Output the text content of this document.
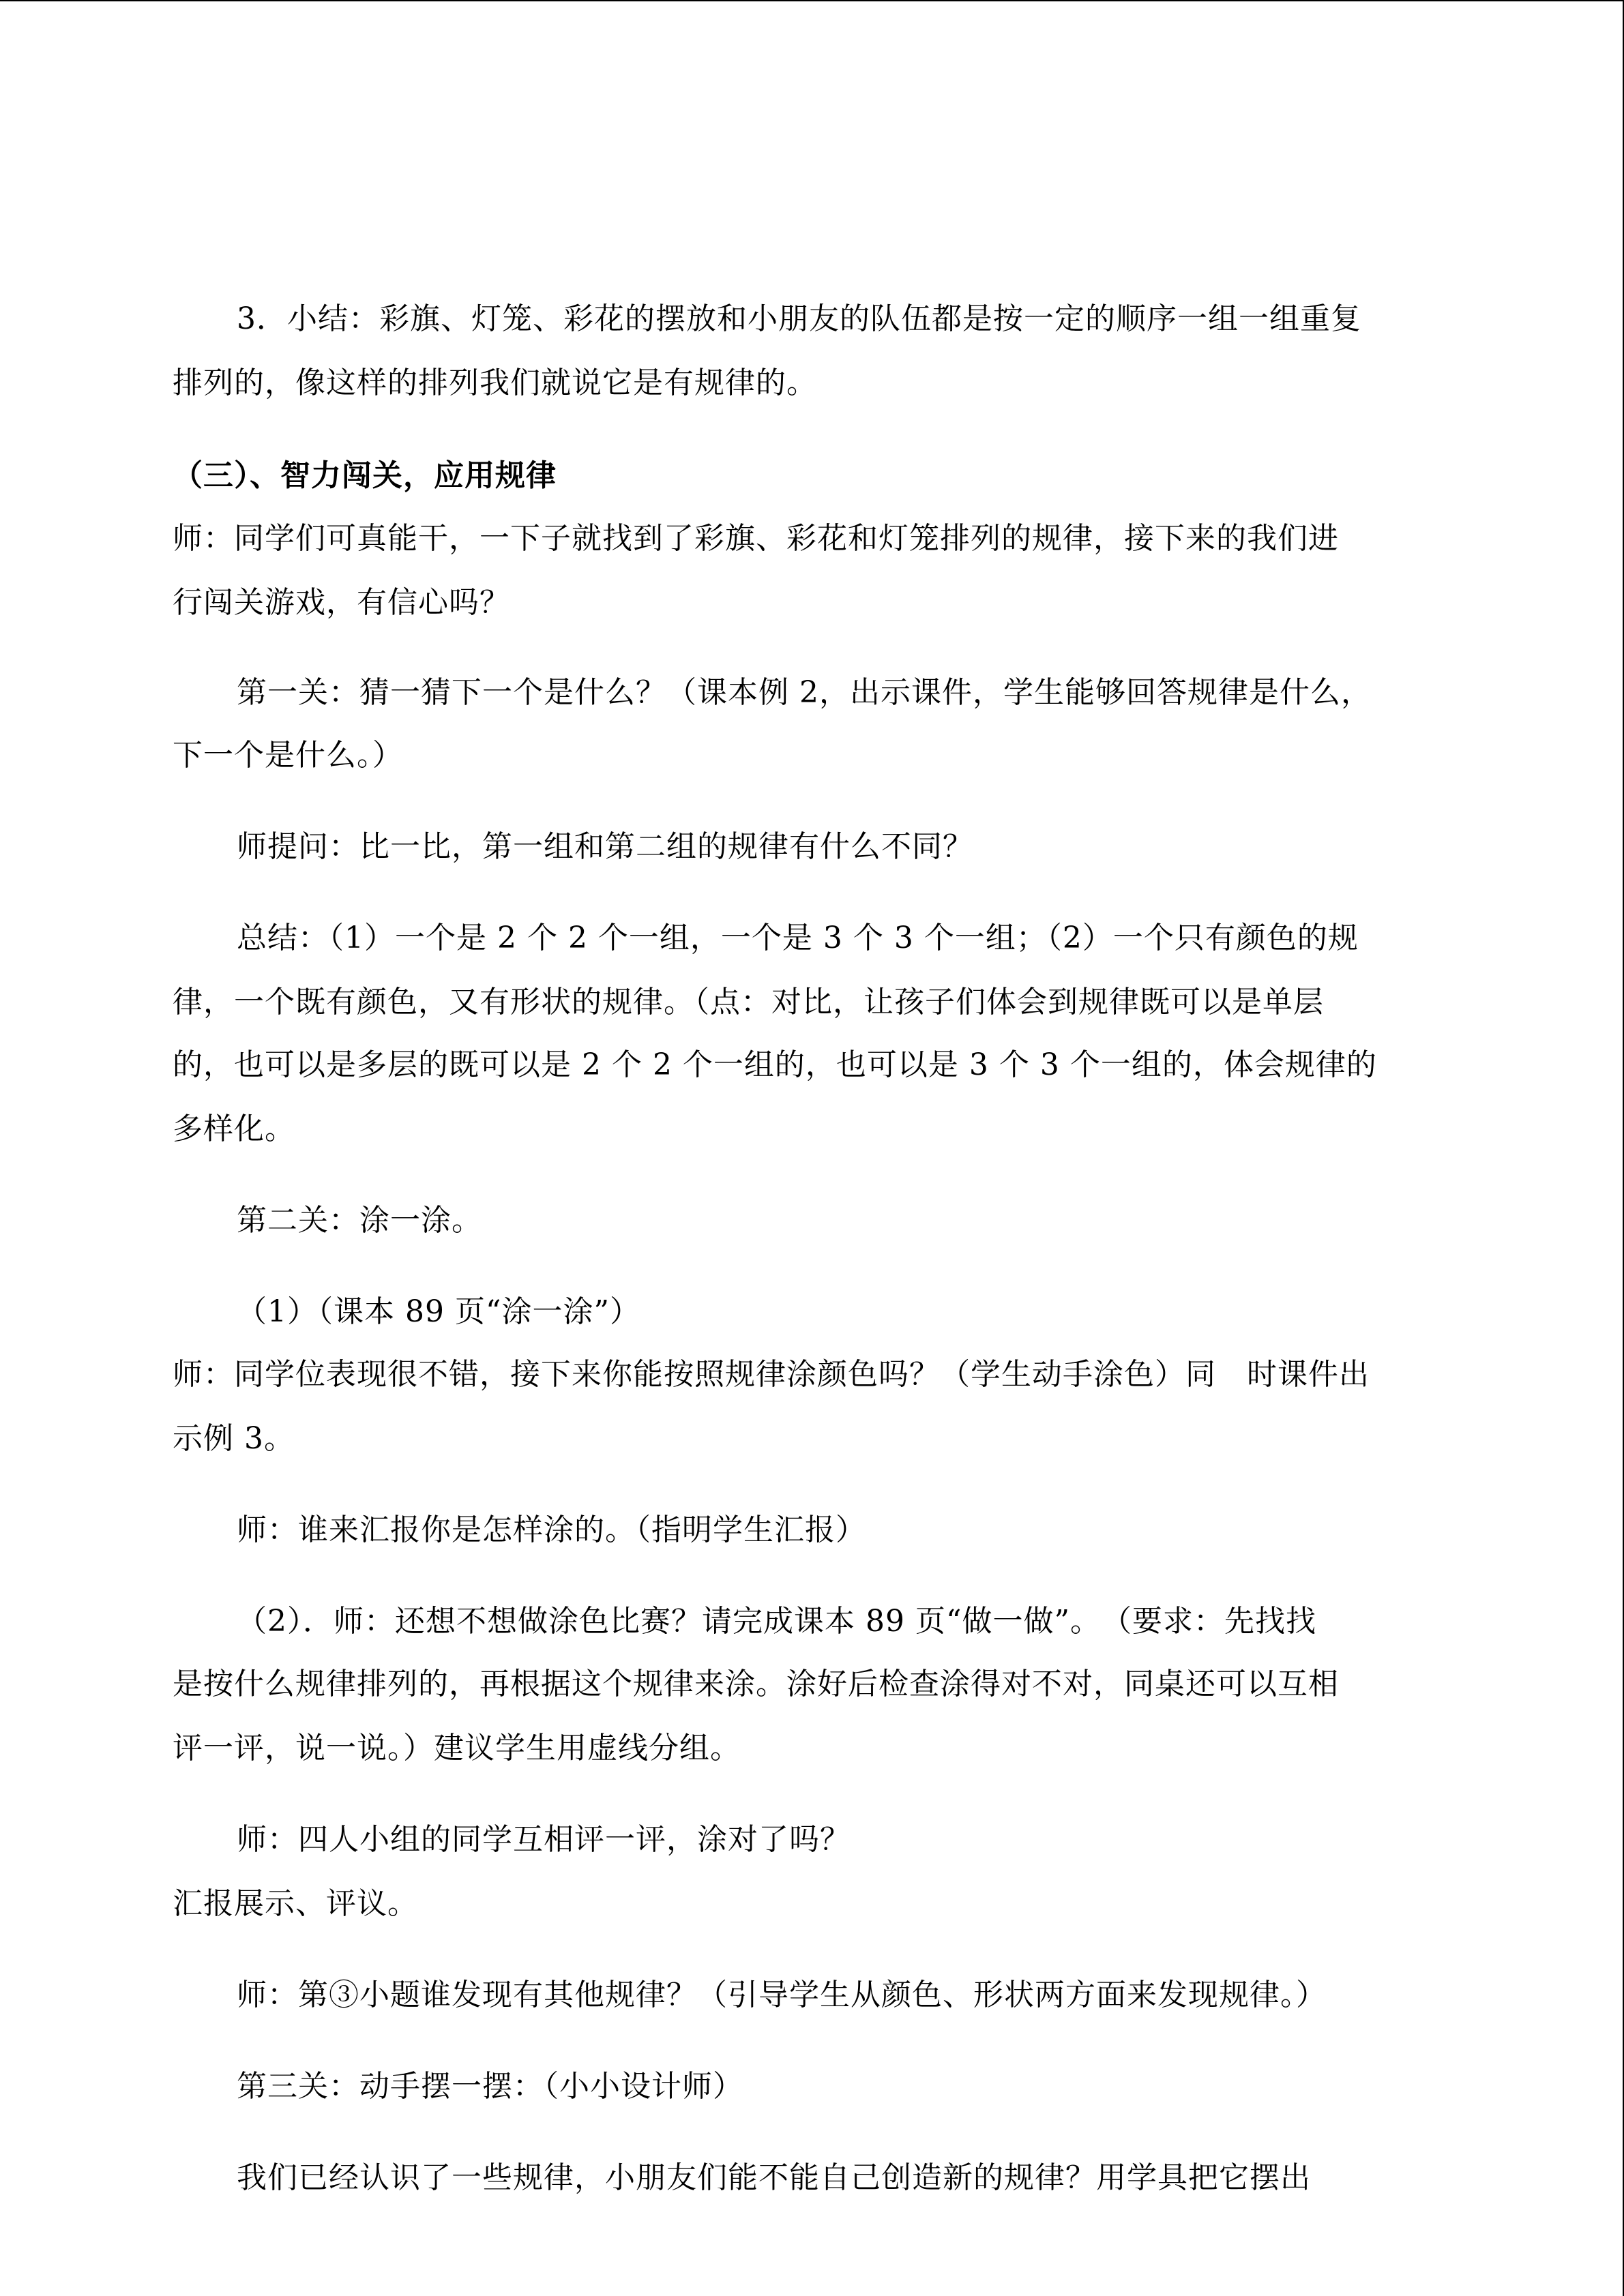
3．小结：彩旗、灯笼、彩花的摆放和小朋友的队伍都是按一定的顺序一组一组重复

排列的，像这样的排列我们就说它是有规律的。

（三）、智力闯关，应用规律

师：同学们可真能干，一下子就找到了彩旗、彩花和灯笼排列的规律，接下来的我们进

行闯关游戏，有信心吗？

第一关：猜一猜下一个是什么？（课本例 2，出示课件，学生能够回答规律是什么，

下一个是什么。）

师提问：比一比，第一组和第二组的规律有什么不同？

总结：（1）一个是 2 个 2 个一组，一个是 3 个 3 个一组；（2）一个只有颜色的规

律，一个既有颜色，又有形状的规律。（点：对比，让孩子们体会到规律既可以是单层

的，也可以是多层的既可以是 2 个 2 个一组的，也可以是 3 个 3 个一组的，体会规律的

多样化。

第二关：涂一涂。

（1）（课本 89 页“涂一涂”）

师：同学位表现很不错，接下来你能按照规律涂颜色吗？（学生动手涂色）同　时课件出

示例 3。

师：谁来汇报你是怎样涂的。（指明学生汇报）

（2）．师：还想不想做涂色比赛？请完成课本 89 页“做一做”。　（要求：先找找

是按什么规律排列的，再根据这个规律来涂。涂好后检查涂得对不对，同桌还可以互相

评一评，说一说。）建议学生用虚线分组。

师：四人小组的同学互相评一评，涂对了吗？

汇报展示、评议。

师：第③小题谁发现有其他规律？（引导学生从颜色、形状两方面来发现规律。）

第三关：动手摆一摆：（小小设计师）

我们已经认识了一些规律，小朋友们能不能自己创造新的规律？用学具把它摆出
